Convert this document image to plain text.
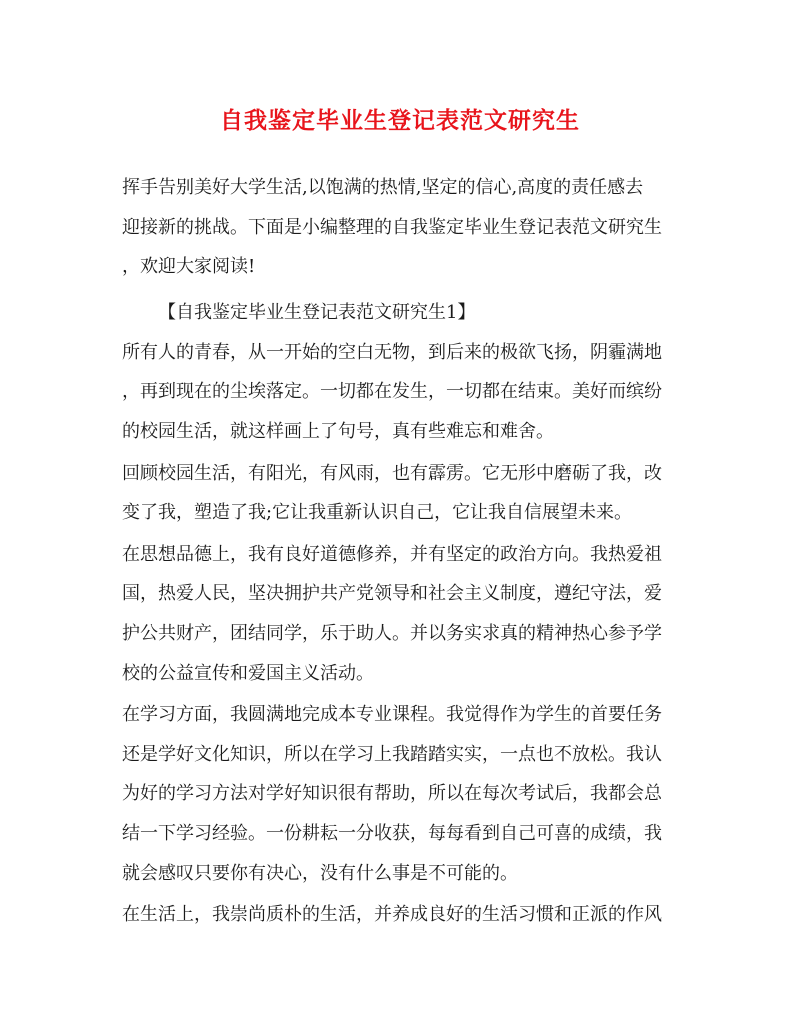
自我鉴定毕业生登记表范文研究生

挥手告别美好大学生活,以饱满的热情,坚定的信心,高度的责任感去
迎接新的挑战。下面是小编整理的自我鉴定毕业生登记表范文研究生
，欢迎大家阅读!

【自我鉴定毕业生登记表范文研究生1】

所有人的青春，从一开始的空白无物，到后来的极欲飞扬，阴霾满地
，再到现在的尘埃落定。一切都在发生，一切都在结束。美好而缤纷
的校园生活，就这样画上了句号，真有些难忘和难舍。

回顾校园生活，有阳光，有风雨，也有霹雳。它无形中磨砺了我，改
变了我，塑造了我;它让我重新认识自己，它让我自信展望未来。

在思想品德上，我有良好道德修养，并有坚定的政治方向。我热爱祖
国，热爱人民，坚决拥护共产党领导和社会主义制度，遵纪守法，爱
护公共财产，团结同学，乐于助人。并以务实求真的精神热心参予学
校的公益宣传和爱国主义活动。

在学习方面，我圆满地完成本专业课程。我觉得作为学生的首要任务
还是学好文化知识，所以在学习上我踏踏实实，一点也不放松。我认
为好的学习方法对学好知识很有帮助，所以在每次考试后，我都会总
结一下学习经验。一份耕耘一分收获，每每看到自己可喜的成绩，我
就会感叹只要你有决心，没有什么事是不可能的。

在生活上，我崇尚质朴的生活，并养成良好的生活习惯和正派的作风
